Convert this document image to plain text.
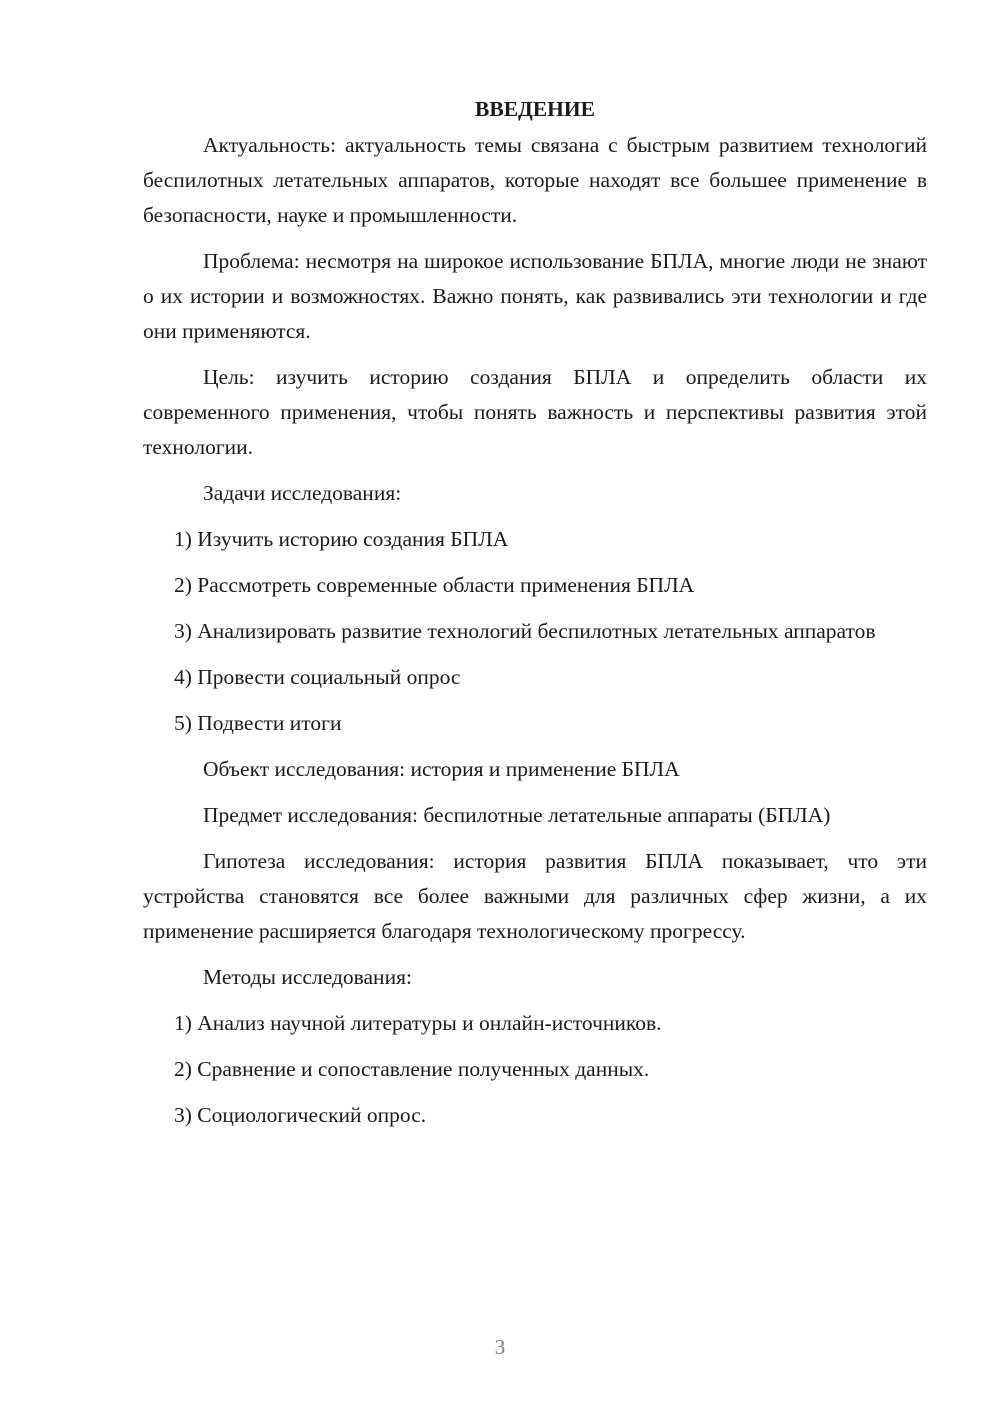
ВВЕДЕНИЕ

Актуальность: актуальность темы связана с быстрым развитием технологий беспилотных летательных аппаратов, которые находят все большее применение в безопасности, науке и промышленности.

Проблема: несмотря на широкое использование БПЛА, многие люди не знают о их истории и возможностях. Важно понять, как развивались эти технологии и где они применяются.

Цель: изучить историю создания БПЛА и определить области их современного применения, чтобы понять важность и перспективы развития этой технологии.

Задачи исследования:

1) Изучить историю создания БПЛА

2) Рассмотреть современные области применения БПЛА

3) Анализировать развитие технологий беспилотных летательных аппаратов

4) Провести социальный опрос

5) Подвести итоги

Объект исследования: история и применение БПЛА

Предмет исследования: беспилотные летательные аппараты (БПЛА)

Гипотеза исследования: история развития БПЛА показывает, что эти устройства становятся все более важными для различных сфер жизни, а их применение расширяется благодаря технологическому прогрессу.

Методы исследования:

1) Анализ научной литературы и онлайн-источников.

2) Сравнение и сопоставление полученных данных.

3) Социологический опрос.

3
